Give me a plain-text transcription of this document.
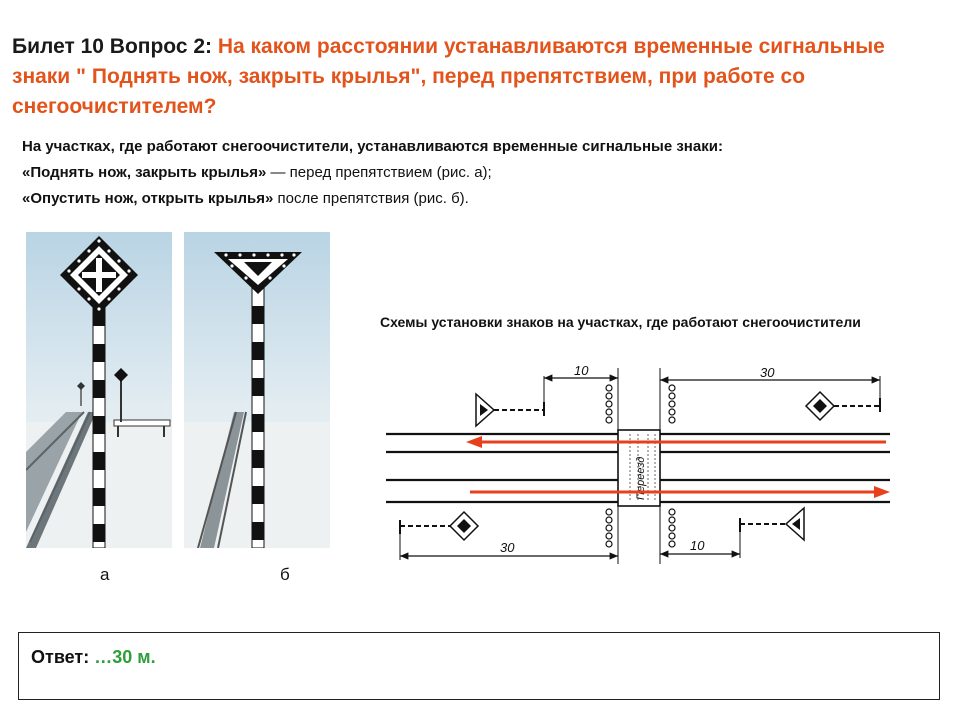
Билет 10 Вопрос 2: На каком расстоянии устанавливаются временные сигнальные знаки " Поднять нож, закрыть крылья", перед препятствием, при работе со снегоочистителем?
На участках, где работают снегоочистители, устанавливаются временные сигнальные знаки:
«Поднять нож, закрыть крылья» — перед препятствием (рис. а);
«Опустить нож, открыть крылья» после препятствия (рис. б).
а	б
Схемы установки знаков на участках, где работают снегоочистители
Переезд
10	30
30	10
Ответ: …30 м.
